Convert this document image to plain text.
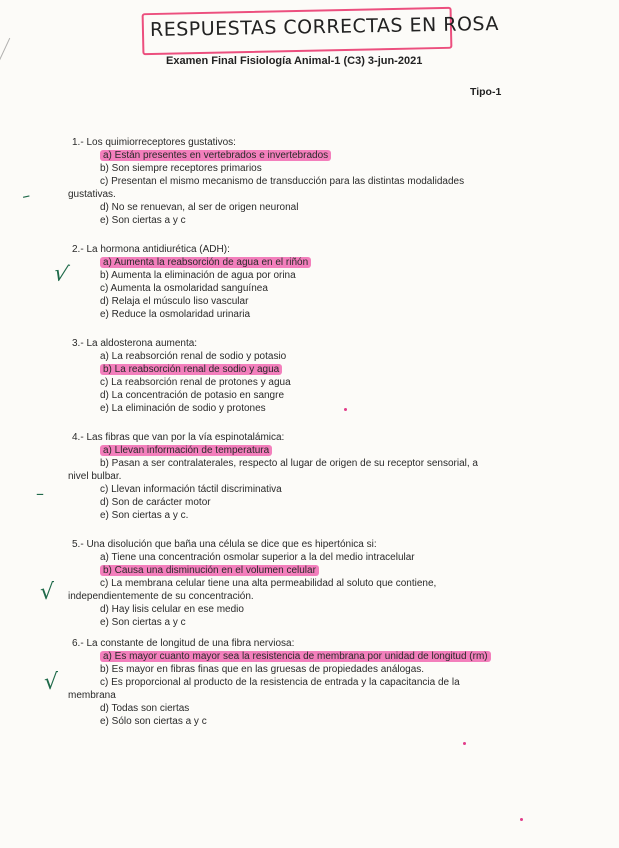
RESPUESTAS CORRECTAS EN ROSA
Examen Final Fisiología Animal-1 (C3) 3-jun-2021
Tipo-1
1.- Los quimiorreceptores gustativos:
a) Están presentes en vertebrados e invertebrados
b) Son siempre receptores primarios
c) Presentan el mismo mecanismo de transducción para las distintas modalidades
gustativas.
d) No se renuevan, al ser de origen neuronal
e) Son ciertas a y c
2.- La hormona antidiurética (ADH):
a) Aumenta la reabsorción de agua en el riñón
b) Aumenta la eliminación de agua por orina
c) Aumenta la osmolaridad sanguínea
d) Relaja el músculo liso vascular
e) Reduce la osmolaridad urinaria
3.- La aldosterona aumenta:
a) La reabsorción renal de sodio y potasio
b) La reabsorción renal de sodio y agua
c) La reabsorción renal de protones y agua
d) La concentración de potasio en sangre
e) La eliminación de sodio y protones
4.- Las fibras que van por la vía espinotalámica:
a) Llevan información de temperatura
b) Pasan a ser contralaterales, respecto al lugar de origen de su receptor sensorial, a
nivel bulbar.
c) Llevan información táctil discriminativa
d) Son de carácter motor
e) Son ciertas a y c.
5.- Una disolución que baña una célula se dice que es hipertónica si:
a) Tiene una concentración osmolar superior a la del medio intracelular
b) Causa una disminución en el volumen celular
c) La membrana celular tiene una alta permeabilidad al soluto que contiene,
independientemente de su concentración.
d) Hay lisis celular en ese medio
e) Son ciertas a y c
6.- La constante de longitud de una fibra nerviosa:
a) Es mayor cuanto mayor sea la resistencia de membrana por unidad de longitud (rm)
b) Es mayor en fibras finas que en las gruesas de propiedades análogas.
c) Es proporcional al producto de la resistencia de entrada y la capacitancia de la
membrana
d) Todas son ciertas
e) Sólo son ciertas a y c
–
√
–
√
√
